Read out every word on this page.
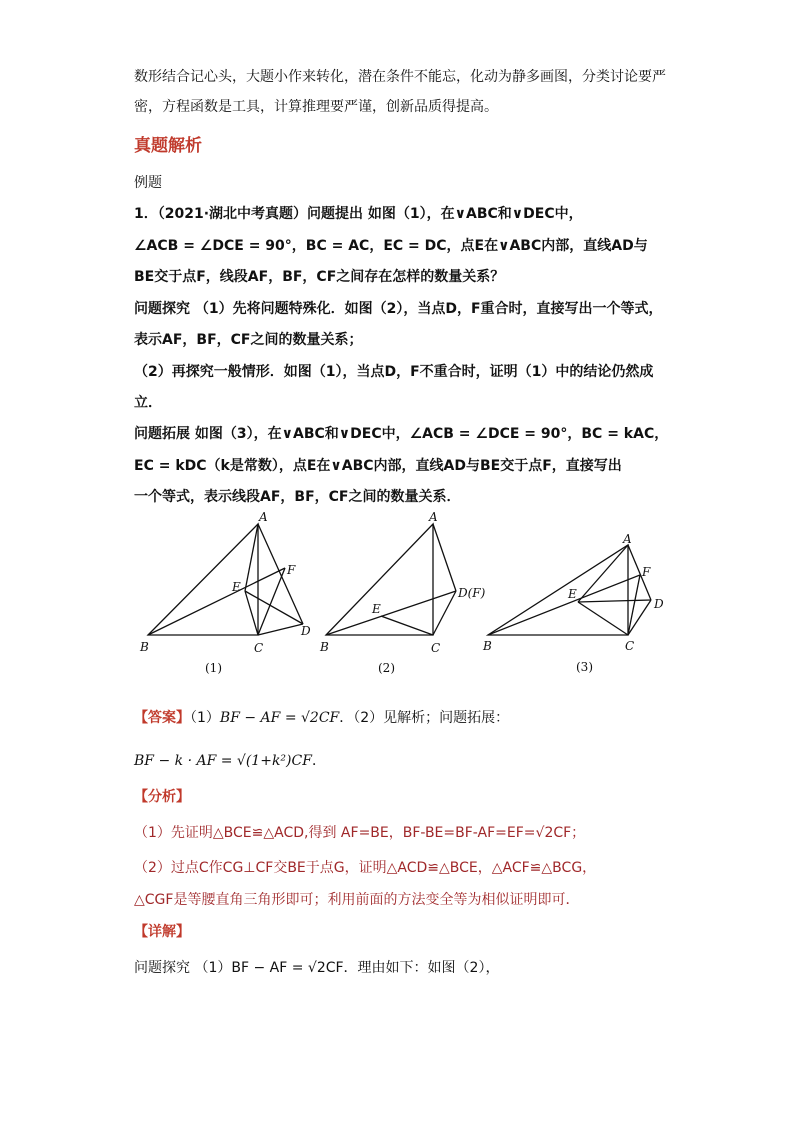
数形结合记心头，大题小作来转化，潜在条件不能忘，化动为静多画图，分类讨论要严
密，方程函数是工具，计算推理要严谨，创新品质得提高。
真题解析
例题
1．（2021·湖北中考真题）问题提出 如图（1），在∨ABC和∨DEC中，
∠ACB = ∠DCE = 90°，BC = AC，EC = DC，点E在∨ABC内部，直线AD与
BE交于点F，线段AF，BF，CF之间存在怎样的数量关系？
问题探究 （1）先将问题特殊化．如图（2），当点D，F重合时，直接写出一个等式，
表示AF，BF，CF之间的数量关系；
（2）再探究一般情形．如图（1），当点D，F不重合时，证明（1）中的结论仍然成
立．
问题拓展 如图（3），在∨ABC和∨DEC中，∠ACB = ∠DCE = 90°，BC = kAC，
EC = kDC（k是常数），点E在∨ABC内部，直线AD与BE交于点F，直接写出
一个等式，表示线段AF，BF，CF之间的数量关系．
A
B	C
D
E
F
(1)
A
B	C
D(F)
E
(2)
A
B	C
D
E
F
(3)
【答案】（1）BF − AF = √2CF．（2）见解析；问题拓展：
BF − k · AF = √(1+k²)CF．
【分析】
（1）先证明△BCE≌△ACD,得到 AF=BE，BF-BE=BF-AF=EF=√2CF；
（2）过点C作CG⊥CF交BE于点G，证明△ACD≌△BCE，△ACF≌△BCG，
△CGF是等腰直角三角形即可；利用前面的方法变全等为相似证明即可．
【详解】
问题探究 （1）BF − AF = √2CF．理由如下：如图（2），
